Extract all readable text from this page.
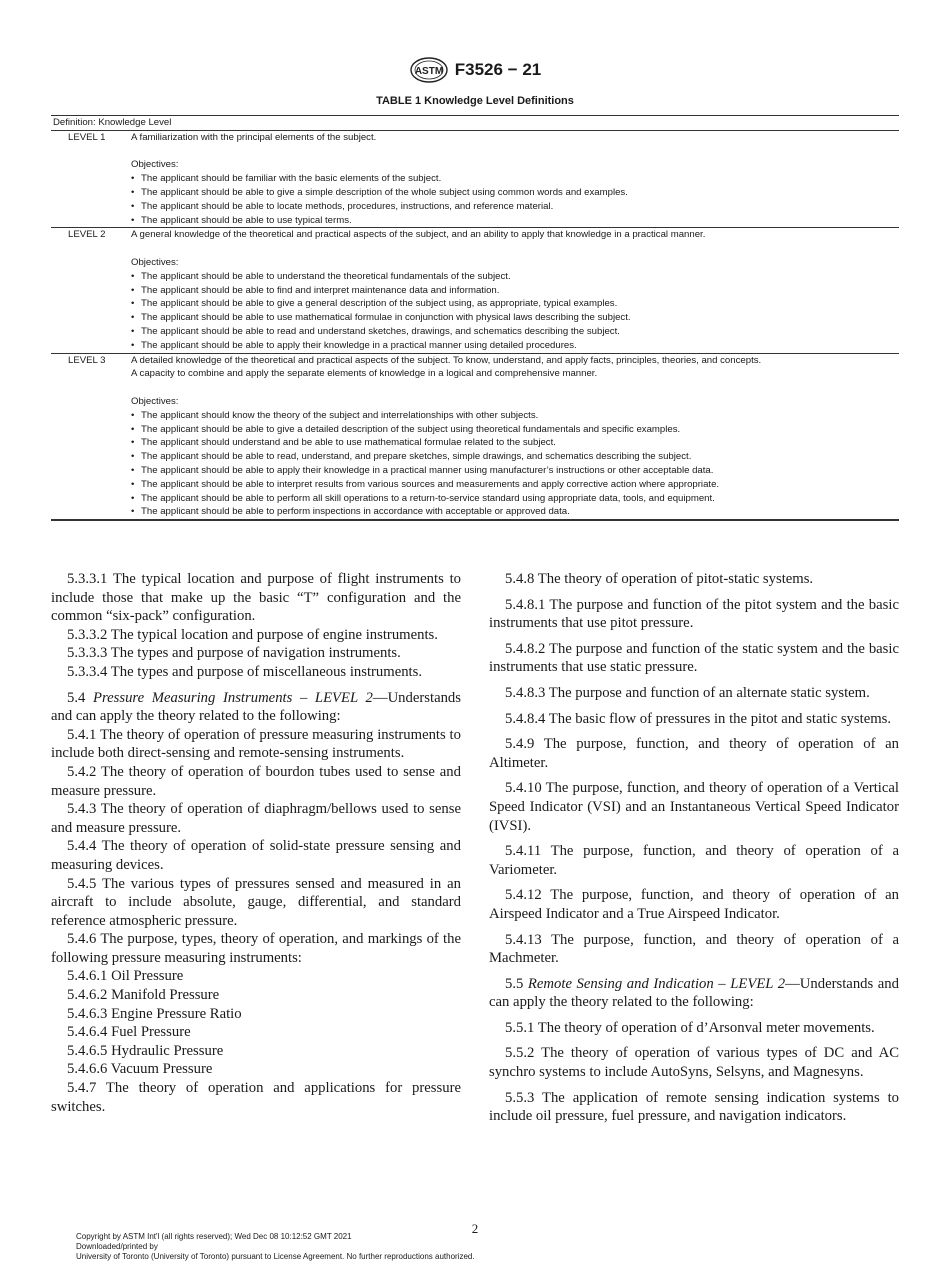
ASTM F3526 − 21
TABLE 1 Knowledge Level Definitions
Definition: Knowledge Level
LEVEL 1	A familiarization with the principal elements of the subject.
Objectives:
• The applicant should be familiar with the basic elements of the subject.
• The applicant should be able to give a simple description of the whole subject using common words and examples.
• The applicant should be able to locate methods, procedures, instructions, and reference material.
• The applicant should be able to use typical terms.
LEVEL 2	A general knowledge of the theoretical and practical aspects of the subject, and an ability to apply that knowledge in a practical manner.
Objectives:
• The applicant should be able to understand the theoretical fundamentals of the subject.
• The applicant should be able to find and interpret maintenance data and information.
• The applicant should be able to give a general description of the subject using, as appropriate, typical examples.
• The applicant should be able to use mathematical formulae in conjunction with physical laws describing the subject.
• The applicant should be able to read and understand sketches, drawings, and schematics describing the subject.
• The applicant should be able to apply their knowledge in a practical manner using detailed procedures.
LEVEL 3	A detailed knowledge of the theoretical and practical aspects of the subject. To know, understand, and apply facts, principles, theories, and concepts.
A capacity to combine and apply the separate elements of knowledge in a logical and comprehensive manner.
Objectives:
• The applicant should know the theory of the subject and interrelationships with other subjects.
• The applicant should be able to give a detailed description of the subject using theoretical fundamentals and specific examples.
• The applicant should understand and be able to use mathematical formulae related to the subject.
• The applicant should be able to read, understand, and prepare sketches, simple drawings, and schematics describing the subject.
• The applicant should be able to apply their knowledge in a practical manner using manufacturer’s instructions or other acceptable data.
• The applicant should be able to interpret results from various sources and measurements and apply corrective action where appropriate.
• The applicant should be able to perform all skill operations to a return-to-service standard using appropriate data, tools, and equipment.
• The applicant should be able to perform inspections in accordance with acceptable or approved data.

5.3.3.1 The typical location and purpose of flight instruments to include those that make up the basic “T” configuration and the common “six-pack” configuration.

5.3.3.2 The typical location and purpose of engine instruments.

5.3.3.3 The types and purpose of navigation instruments.

5.3.3.4 The types and purpose of miscellaneous instruments.

5.4 Pressure Measuring Instruments – LEVEL 2—Understands and can apply the theory related to the following:

5.4.1 The theory of operation of pressure measuring instruments to include both direct-sensing and remote-sensing instruments.

5.4.2 The theory of operation of bourdon tubes used to sense and measure pressure.

5.4.3 The theory of operation of diaphragm/bellows used to sense and measure pressure.

5.4.4 The theory of operation of solid-state pressure sensing and measuring devices.

5.4.5 The various types of pressures sensed and measured in an aircraft to include absolute, gauge, differential, and standard reference atmospheric pressure.

5.4.6 The purpose, types, theory of operation, and markings of the following pressure measuring instruments:

5.4.6.1 Oil Pressure

5.4.6.2 Manifold Pressure

5.4.6.3 Engine Pressure Ratio

5.4.6.4 Fuel Pressure

5.4.6.5 Hydraulic Pressure

5.4.6.6 Vacuum Pressure

5.4.7 The theory of operation and applications for pressure switches.

5.4.8 The theory of operation of pitot-static systems.

5.4.8.1 The purpose and function of the pitot system and the basic instruments that use pitot pressure.

5.4.8.2 The purpose and function of the static system and the basic instruments that use static pressure.

5.4.8.3 The purpose and function of an alternate static system.

5.4.8.4 The basic flow of pressures in the pitot and static systems.

5.4.9 The purpose, function, and theory of operation of an Altimeter.

5.4.10 The purpose, function, and theory of operation of a Vertical Speed Indicator (VSI) and an Instantaneous Vertical Speed Indicator (IVSI).

5.4.11 The purpose, function, and theory of operation of a Variometer.

5.4.12 The purpose, function, and theory of operation of an Airspeed Indicator and a True Airspeed Indicator.

5.4.13 The purpose, function, and theory of operation of a Machmeter.

5.5 Remote Sensing and Indication – LEVEL 2—Understands and can apply the theory related to the following:

5.5.1 The theory of operation of d’Arsonval meter movements.

5.5.2 The theory of operation of various types of DC and AC synchro systems to include AutoSyns, Selsyns, and Magnesyns.

5.5.3 The application of remote sensing indication systems to include oil pressure, fuel pressure, and navigation indicators.

2
Copyright by ASTM Int'l (all rights reserved); Wed Dec 08 10:12:52 GMT 2021
Downloaded/printed by
University of Toronto (University of Toronto) pursuant to License Agreement. No further reproductions authorized.
